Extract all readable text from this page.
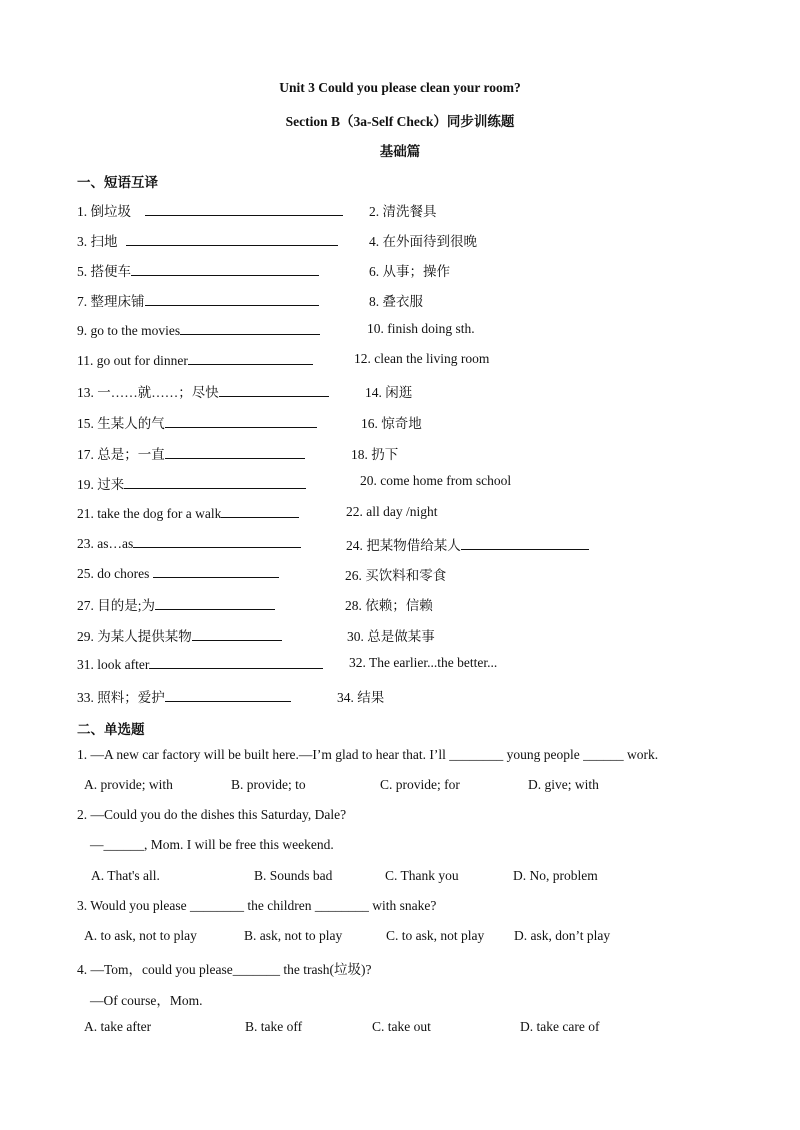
Unit 3 Could you please clean your room?
Section B（3a-Self Check）同步训练题
基础篇
一、短语互译
1. 倒垃圾	2. 清洗餐具
3. 扫地	4. 在外面待到很晚
5. 搭便车	6. 从事；操作
7. 整理床铺	8. 叠衣服
9. go to the movies	10. finish doing sth.
11. go out for dinner	12. clean the living room
13. 一……就……；尽快	14. 闲逛
15. 生某人的气	16. 惊奇地
17. 总是；一直	18. 扔下
19. 过来	20. come home from school
21. take the dog for a walk	22. all day /night
23. as…as	24. 把某物借给某人
25. do chores	26. 买饮料和零食
27. 目的是;为	28. 依赖；信赖
29. 为某人提供某物	30. 总是做某事
31. look after	32. The earlier...the better...
33. 照料；爱护	34. 结果
二、单选题
1. —A new car factory will be built here.—I’m glad to hear that. I’ll ________ young people ______ work.
A. provide; with	B. provide; to	C. provide; for	D. give; with
2. —Could you do the dishes this Saturday, Dale?
—______, Mom. I will be free this weekend.
A. That's all.	B. Sounds bad	C. Thank you	D. No, problem
3. Would you please ________ the children ________ with snake?
A. to ask, not to play	B. ask, not to play	C. to ask, not play D. ask, don’t play
4. —Tom，could you please_______ the trash(垃圾)?
—Of course，Mom.
A. take after	B. take off	C. take out	D. take care of
